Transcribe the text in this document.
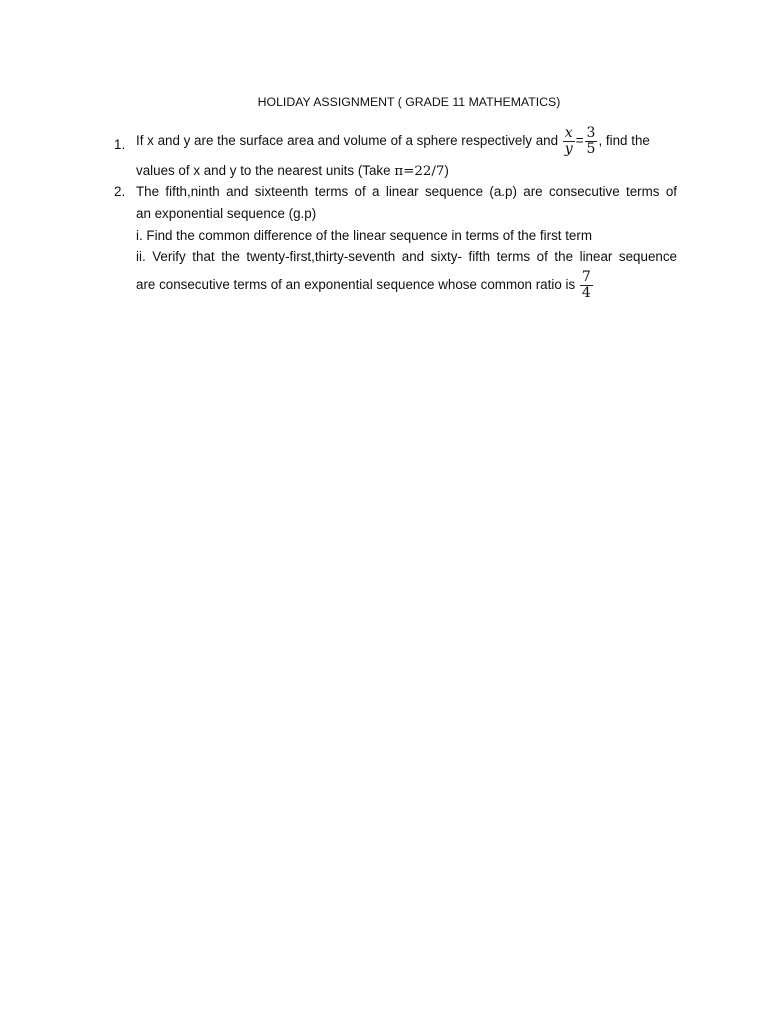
HOLIDAY ASSIGNMENT ( GRADE 11 MATHEMATICS)
1. If x and y are the surface area and volume of a sphere respectively and $\frac{x}{y} = \frac{3}{5}$ , find the
values of x and y to the nearest units (Take π=22/7)
2. The fifth,ninth and sixteenth terms of a linear sequence (a.p) are consecutive terms of
an exponential sequence (g.p)
i. Find the common difference of the linear sequence in terms of the first term
ii. Verify that the twenty-first,thirty-seventh and sixty- fifth terms of the linear sequence
are consecutive terms of an exponential sequence whose common ratio is $\frac{7}{4}$
